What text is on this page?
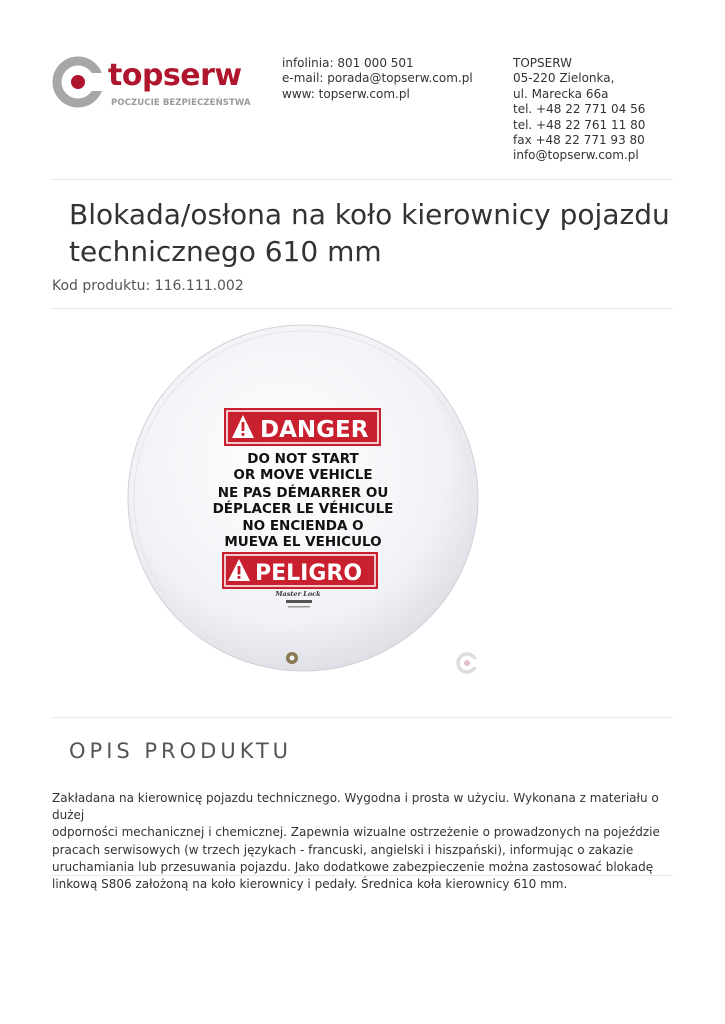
topserw
POCZUCIE BEZPIECZEŃSTWA
infolinia: 801 000 501
e-mail: porada@topserw.com.pl
www: topserw.com.pl
TOPSERW
05-220 Zielonka,
ul. Marecka 66a
tel. +48 22 771 04 56
tel. +48 22 761 11 80
fax +48 22 771 93 80
info@topserw.com.pl
Blokada/osłona na koło kierownicy pojazdu
technicznego 610 mm
Kod produktu: 116.111.002
DANGER
DO NOT START
OR MOVE VEHICLE
NE PAS DÉMARRER OU
DÉPLACER LE VÉHICULE
NO ENCIENDA O
MUEVA EL VEHICULO
PELIGRO
Master Lock
OPIS PRODUKTU
Zakładana na kierownicę pojazdu technicznego. Wygodna i prosta w użyciu. Wykonana z materiału o dużej
odporności mechanicznej i chemicznej. Zapewnia wizualne ostrzeżenie o prowadzonych na pojeździe
pracach serwisowych (w trzech językach - francuski, angielski i hiszpański), informując o zakazie
uruchamiania lub przesuwania pojazdu. Jako dodatkowe zabezpieczenie można zastosować blokadę
linkową S806 założoną na koło kierownicy i pedały. Średnica koła kierownicy 610 mm.
